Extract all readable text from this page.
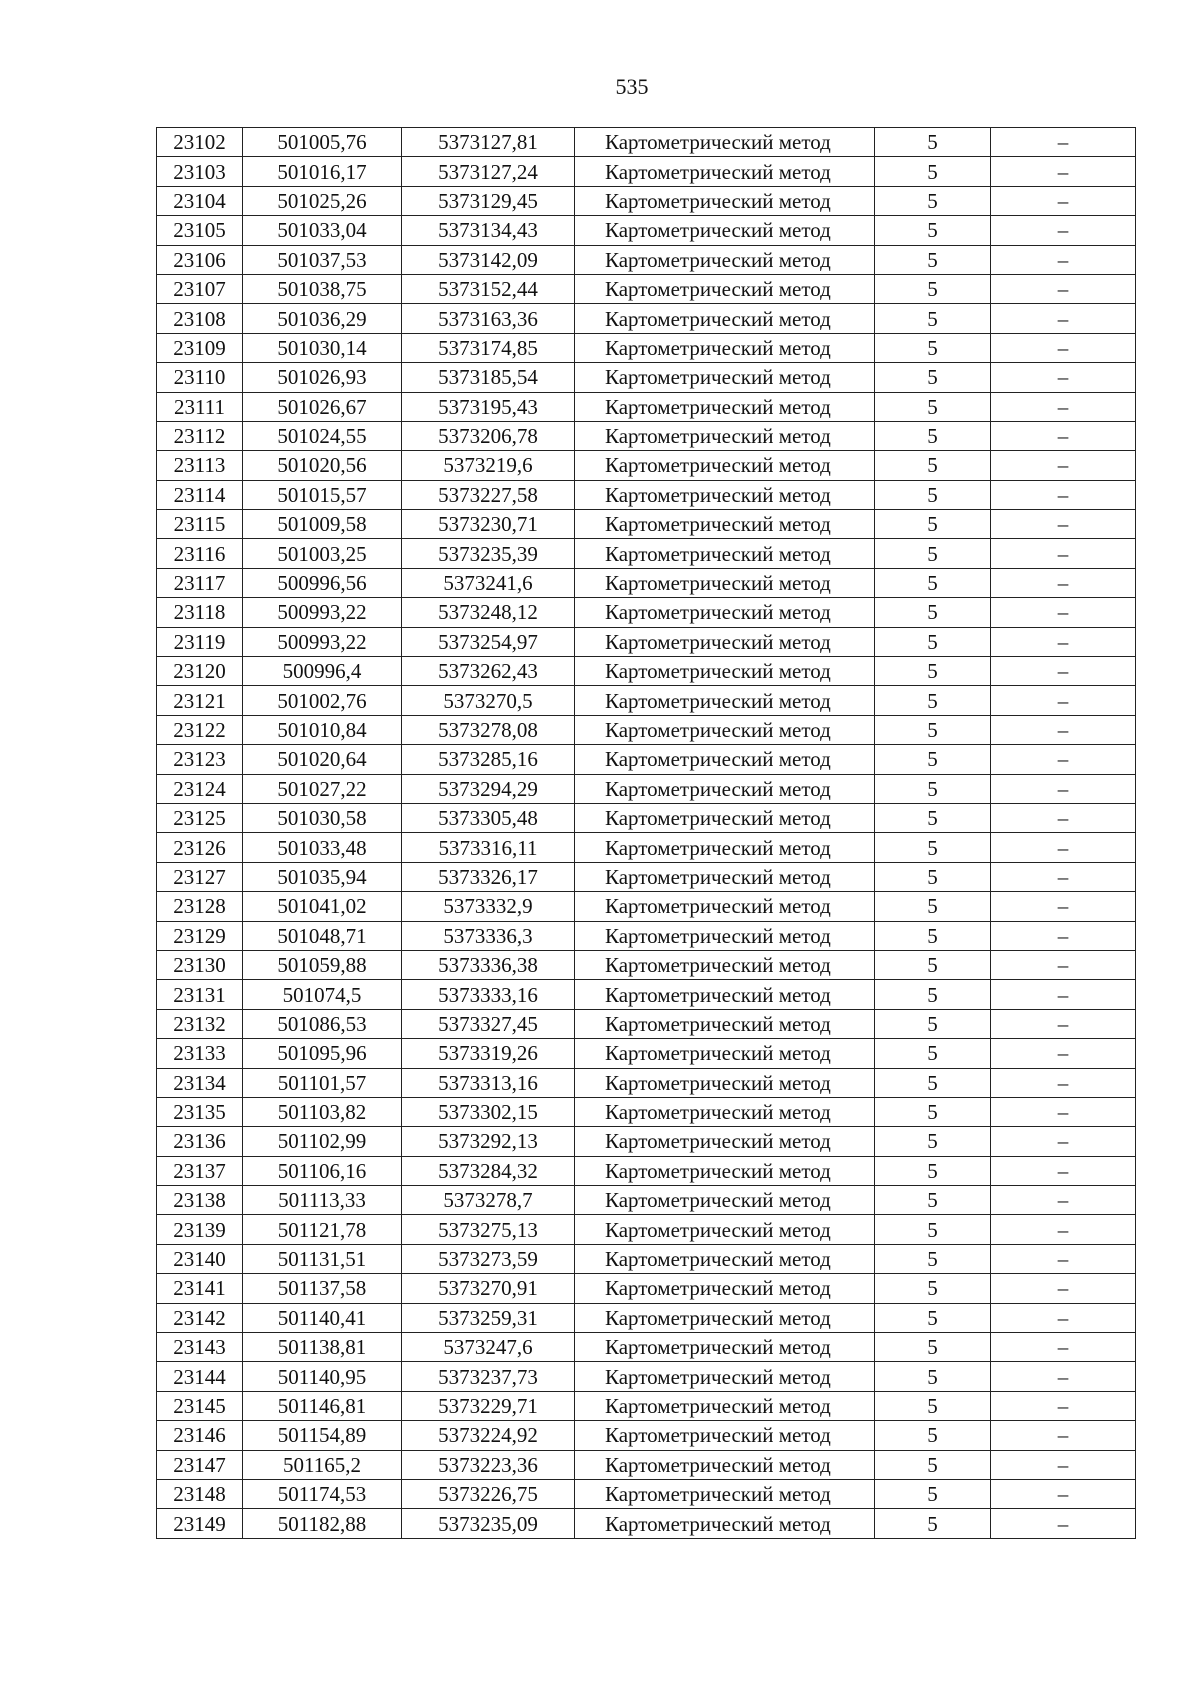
535
23102	501005,76	5373127,81	Картометрический метод	5	–
23103	501016,17	5373127,24	Картометрический метод	5	–
23104	501025,26	5373129,45	Картометрический метод	5	–
23105	501033,04	5373134,43	Картометрический метод	5	–
23106	501037,53	5373142,09	Картометрический метод	5	–
23107	501038,75	5373152,44	Картометрический метод	5	–
23108	501036,29	5373163,36	Картометрический метод	5	–
23109	501030,14	5373174,85	Картометрический метод	5	–
23110	501026,93	5373185,54	Картометрический метод	5	–
23111	501026,67	5373195,43	Картометрический метод	5	–
23112	501024,55	5373206,78	Картометрический метод	5	–
23113	501020,56	5373219,6	Картометрический метод	5	–
23114	501015,57	5373227,58	Картометрический метод	5	–
23115	501009,58	5373230,71	Картометрический метод	5	–
23116	501003,25	5373235,39	Картометрический метод	5	–
23117	500996,56	5373241,6	Картометрический метод	5	–
23118	500993,22	5373248,12	Картометрический метод	5	–
23119	500993,22	5373254,97	Картометрический метод	5	–
23120	500996,4	5373262,43	Картометрический метод	5	–
23121	501002,76	5373270,5	Картометрический метод	5	–
23122	501010,84	5373278,08	Картометрический метод	5	–
23123	501020,64	5373285,16	Картометрический метод	5	–
23124	501027,22	5373294,29	Картометрический метод	5	–
23125	501030,58	5373305,48	Картометрический метод	5	–
23126	501033,48	5373316,11	Картометрический метод	5	–
23127	501035,94	5373326,17	Картометрический метод	5	–
23128	501041,02	5373332,9	Картометрический метод	5	–
23129	501048,71	5373336,3	Картометрический метод	5	–
23130	501059,88	5373336,38	Картометрический метод	5	–
23131	501074,5	5373333,16	Картометрический метод	5	–
23132	501086,53	5373327,45	Картометрический метод	5	–
23133	501095,96	5373319,26	Картометрический метод	5	–
23134	501101,57	5373313,16	Картометрический метод	5	–
23135	501103,82	5373302,15	Картометрический метод	5	–
23136	501102,99	5373292,13	Картометрический метод	5	–
23137	501106,16	5373284,32	Картометрический метод	5	–
23138	501113,33	5373278,7	Картометрический метод	5	–
23139	501121,78	5373275,13	Картометрический метод	5	–
23140	501131,51	5373273,59	Картометрический метод	5	–
23141	501137,58	5373270,91	Картометрический метод	5	–
23142	501140,41	5373259,31	Картометрический метод	5	–
23143	501138,81	5373247,6	Картометрический метод	5	–
23144	501140,95	5373237,73	Картометрический метод	5	–
23145	501146,81	5373229,71	Картометрический метод	5	–
23146	501154,89	5373224,92	Картометрический метод	5	–
23147	501165,2	5373223,36	Картометрический метод	5	–
23148	501174,53	5373226,75	Картометрический метод	5	–
23149	501182,88	5373235,09	Картометрический метод	5	–
